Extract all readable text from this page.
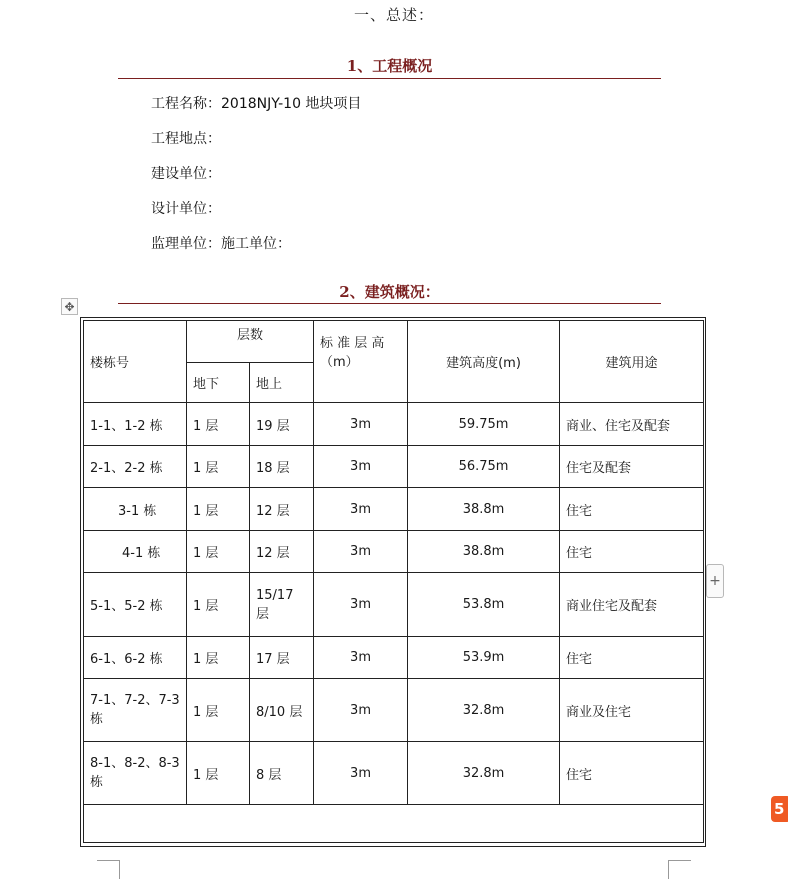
一、总述：
1、工程概况
工程名称：2018NJY-10 地块项目
工程地点：
建设单位：
设计单位：
监理单位：施工单位：
2、建筑概况：
✥
+
5
楼栋号	层数		标 准 层 高（m）	建筑高度(m)	建筑用途
	地下	地上			
1-1、1-2 栋	1 层	19 层	3m	59.75m	商业、住宅及配套
2-1、2-2 栋	1 层	18 层	3m	56.75m	住宅及配套
3-1 栋	1 层	12 层	3m	38.8m	住宅
4-1 栋	1 层	12 层	3m	38.8m	住宅
5-1、5-2 栋	1 层	15/17 层	3m	53.8m	商业住宅及配套
6-1、6-2 栋	1 层	17 层	3m	53.9m	住宅
7-1、7-2、7-3 栋	1 层	8/10 层	3m	32.8m	商业及住宅
8-1、8-2、8-3 栋	1 层	8 层	3m	32.8m	住宅
